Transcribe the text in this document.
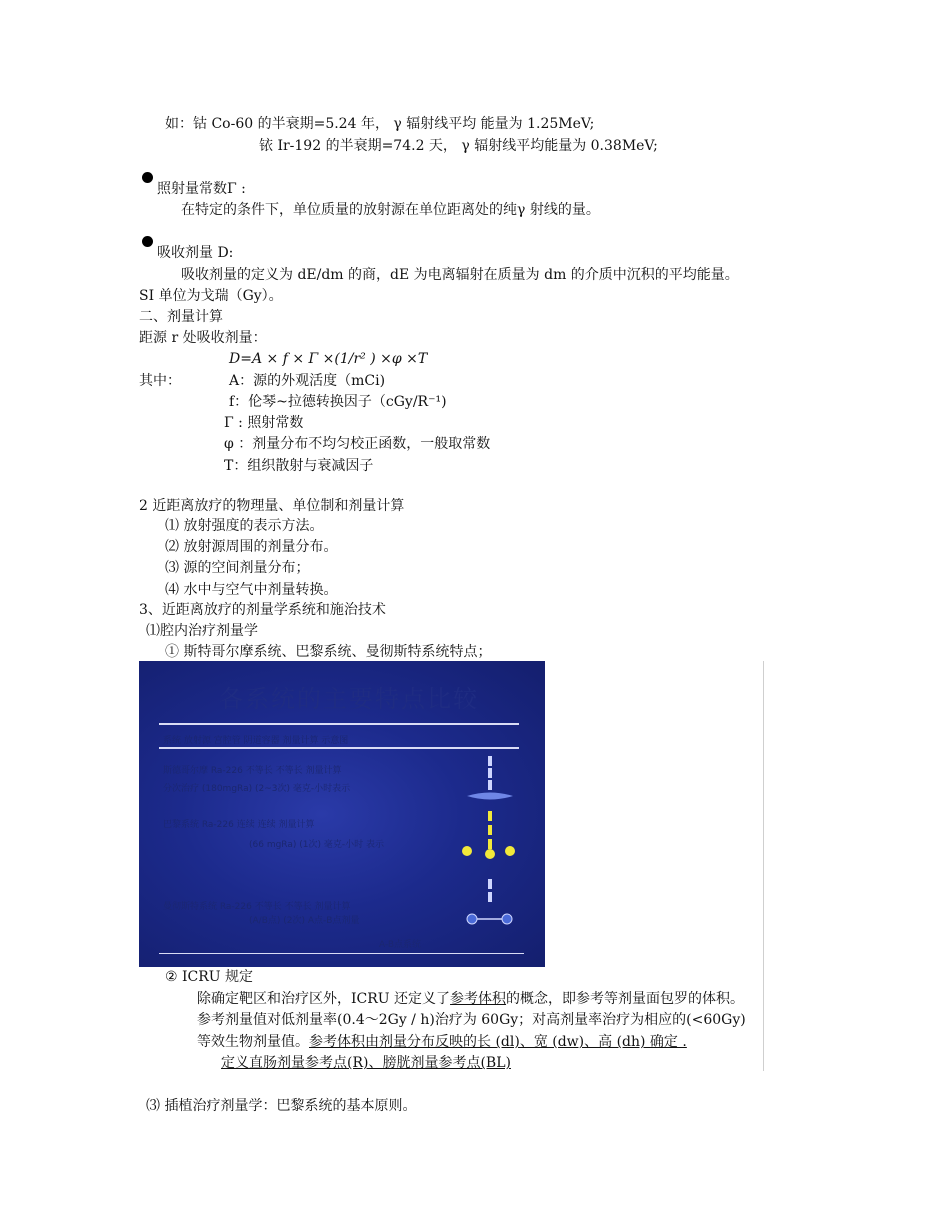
如：钴 Co-60 的半衰期=5.24 年， γ 辐射线平均 能量为 1.25MeV;
铱 Ir-192 的半衰期=74.2 天， γ 辐射线平均能量为 0.38MeV;
照射量常数Γ :
在特定的条件下，单位质量的放射源在单位距离处的纯γ 射线的量。
吸收剂量 D:
吸收剂量的定义为 dE/dm 的商，dE 为电离辐射在质量为 dm 的介质中沉积的平均能量。
SI 单位为戈瑞（Gy）。
二、剂量计算
距源 r 处吸收剂量：
D=A × f × Γ ×(1/r² ) ×φ ×T
其中：	A：源的外观活度（mCi)
f：伦琴~拉德转换因子（cGy/R⁻¹)
Γ : 照射常数
φ ：剂量分布不均匀校正函数，一般取常数
T：组织散射与衰减因子
2 近距离放疗的物理量、单位制和剂量计算
⑴ 放射强度的表示方法。
⑵ 放射源周围的剂量分布。
⑶ 源的空间剂量分布；
⑷ 水中与空气中剂量转换。
3、近距离放疗的剂量学系统和施治技术
⑴腔内治疗剂量学
① 斯特哥尔摩系统、巴黎系统、曼彻斯特系统特点；
各系统的主要特点比较
系统 放射源 宫腔管 阴道容器 剂量计算 示意图
斯德哥尔摩 Ra-226 不等长 不等长 剂量计算
分次治疗 (180mgRa) (2~3次) 毫克-小时表示
巴黎系统 Ra-226 连续 连续 剂量计算
(66 mgRa) (1次) 毫克-小时 表示
曼彻斯特系统 Ra-226 不等长 不等长 剂量计算
(A/B点) (2次) A点-B点剂量
A-B点系统
② ICRU 规定
除确定靶区和治疗区外，ICRU 还定义了参考体积的概念，即参考等剂量面包罗的体积。
参考剂量值对低剂量率(0.4～2Gy / h)治疗为 60Gy；对高剂量率治疗为相应的(<60Gy)
等效生物剂量值。参考体积由剂量分布反映的长 (dl)、宽 (dw)、高 (dh) 确定 .
定义直肠剂量参考点(R)、膀胱剂量参考点(BL)
⑶ 插植治疗剂量学：巴黎系统的基本原则。
